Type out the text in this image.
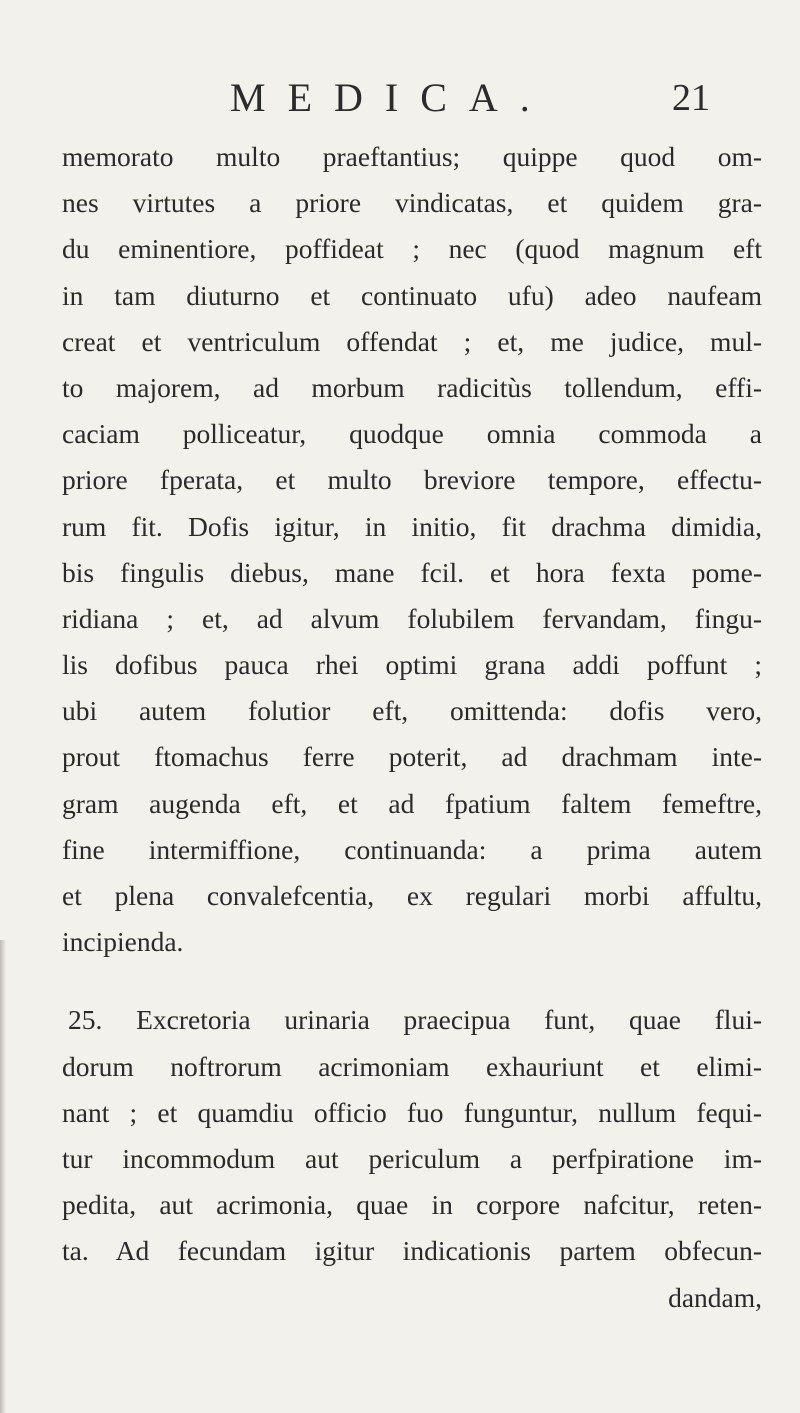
MEDICA.	21
memorato multo praeftantius; quippe quod om-
nes virtutes a priore vindicatas, et quidem gra-
du eminentiore, poffideat ; nec (quod magnum eft
in tam diuturno et continuato ufu) adeo naufeam
creat et ventriculum offendat ; et, me judice, mul-
to majorem, ad morbum radicitùs tollendum, effi-
caciam polliceatur, quodque omnia commoda a
priore fperata, et multo breviore tempore, effectu-
rum fit. Dofis igitur, in initio, fit drachma dimidia,
bis fingulis diebus, mane fcil. et hora fexta pome-
ridiana ; et, ad alvum folubilem fervandam, fingu-
lis dofibus pauca rhei optimi grana addi poffunt ;
ubi autem folutior eft, omittenda: dofis vero,
prout ftomachus ferre poterit, ad drachmam inte-
gram augenda eft, et ad fpatium faltem femeftre,
fine intermiffione, continuanda: a prima autem
et plena convalefcentia, ex regulari morbi affultu,
incipienda.
25. Excretoria urinaria praecipua funt, quae flui-
dorum noftrorum acrimoniam exhauriunt et elimi-
nant ; et quamdiu officio fuo funguntur, nullum fequi-
tur incommodum aut periculum a perfpiratione im-
pedita, aut acrimonia, quae in corpore nafcitur, reten-
ta. Ad fecundam igitur indicationis partem obfecun-
dandam,
